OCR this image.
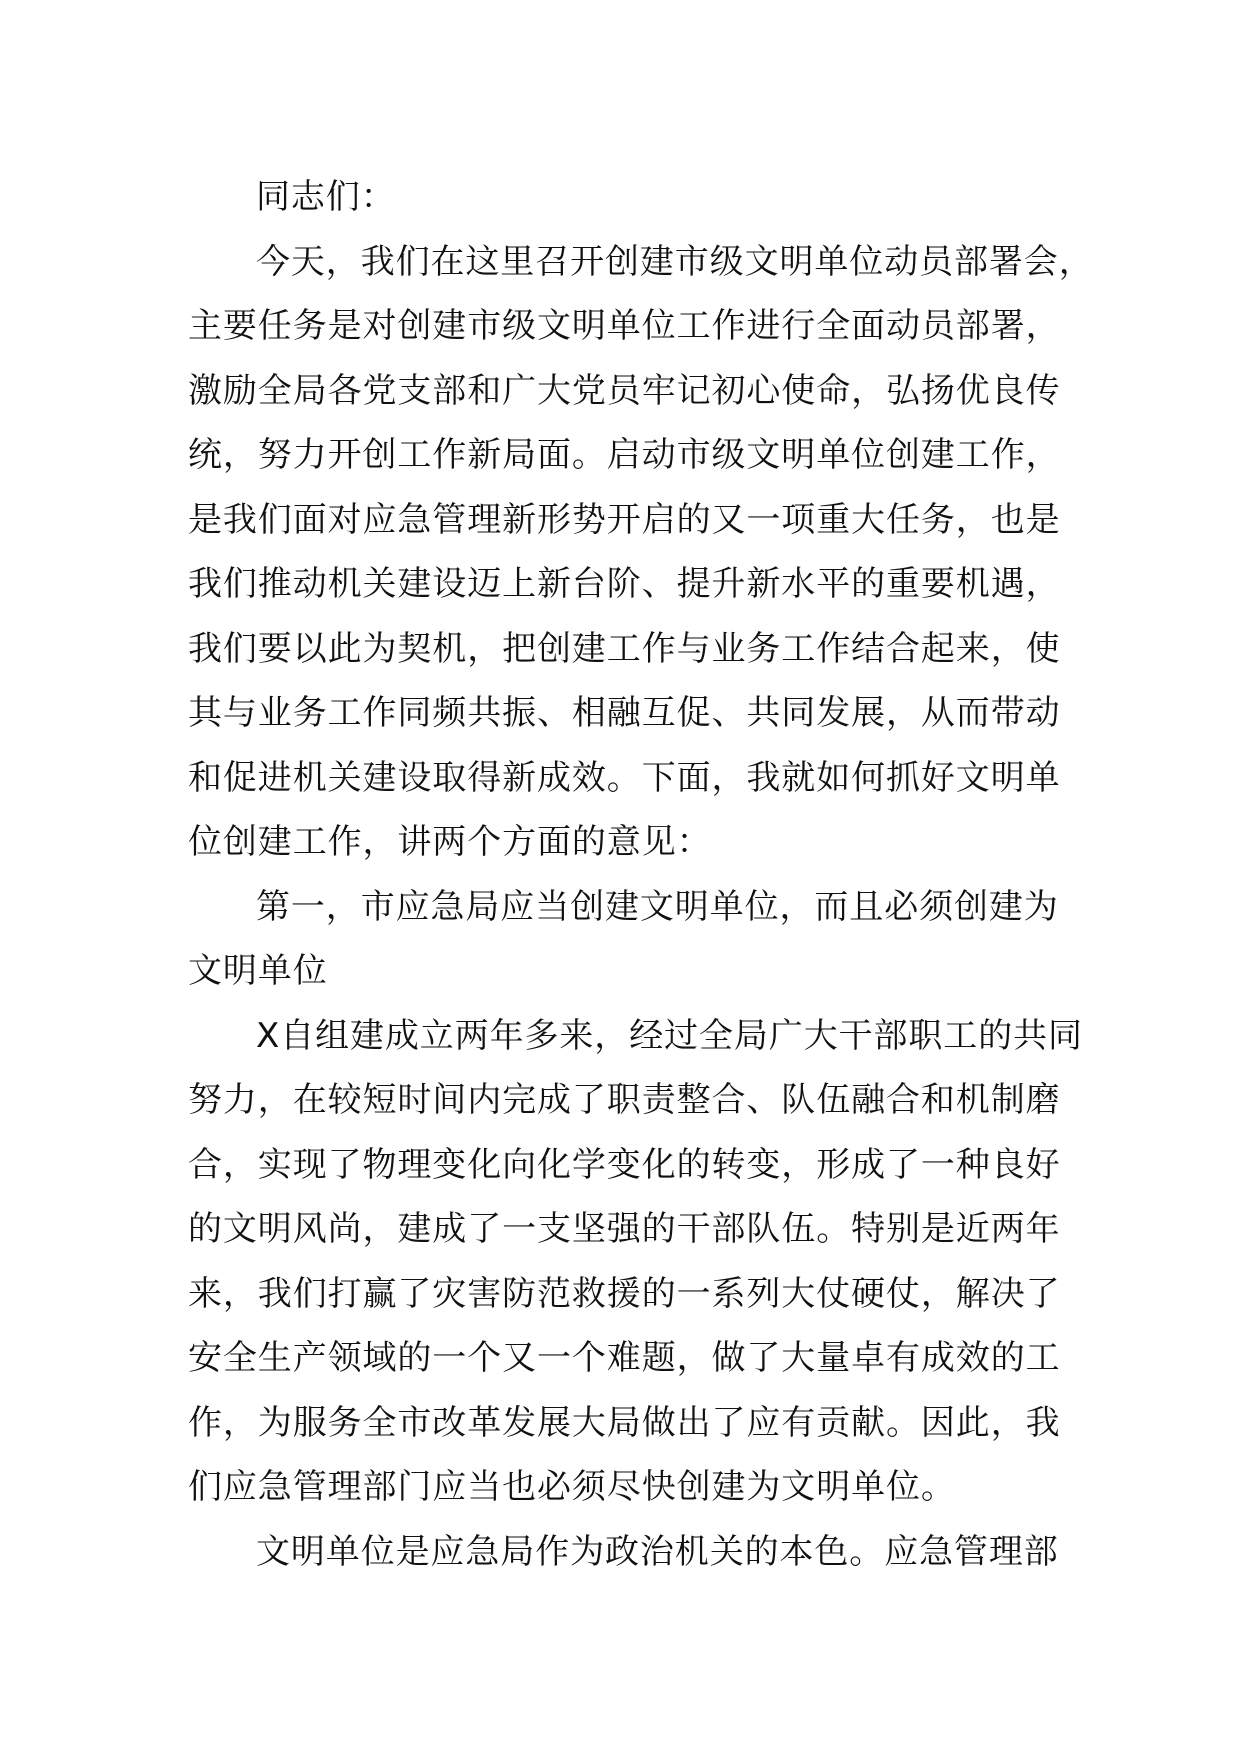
同志们：
今天，我们在这里召开创建市级文明单位动员部署会，
主要任务是对创建市级文明单位工作进行全面动员部署，
激励全局各党支部和广大党员牢记初心使命，弘扬优良传
统，努力开创工作新局面。启动市级文明单位创建工作，
是我们面对应急管理新形势开启的又一项重大任务，也是
我们推动机关建设迈上新台阶、提升新水平的重要机遇，
我们要以此为契机，把创建工作与业务工作结合起来，使
其与业务工作同频共振、相融互促、共同发展，从而带动
和促进机关建设取得新成效。下面，我就如何抓好文明单
位创建工作，讲两个方面的意见：
第一，市应急局应当创建文明单位，而且必须创建为
文明单位
X自组建成立两年多来，经过全局广大干部职工的共同
努力，在较短时间内完成了职责整合、队伍融合和机制磨
合，实现了物理变化向化学变化的转变，形成了一种良好
的文明风尚，建成了一支坚强的干部队伍。特别是近两年
来，我们打赢了灾害防范救援的一系列大仗硬仗，解决了
安全生产领域的一个又一个难题，做了大量卓有成效的工
作，为服务全市改革发展大局做出了应有贡献。因此，我
们应急管理部门应当也必须尽快创建为文明单位。
文明单位是应急局作为政治机关的本色。应急管理部
